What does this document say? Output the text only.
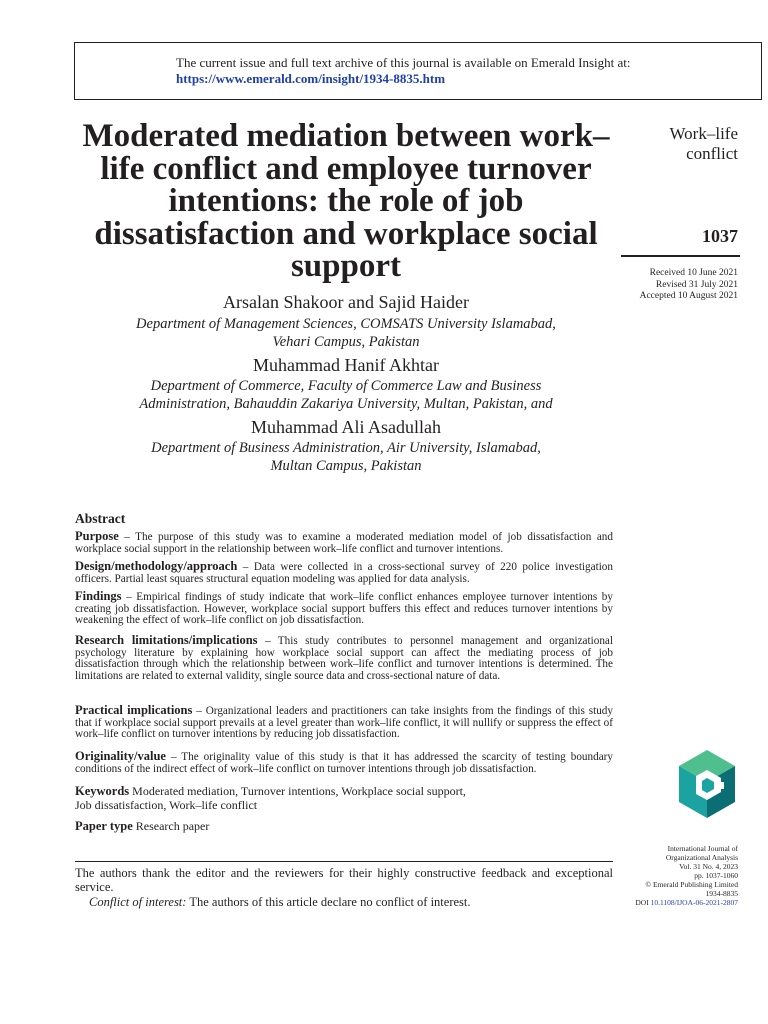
The current issue and full text archive of this journal is available on Emerald Insight at:
https://www.emerald.com/insight/1934-8835.htm
Moderated mediation between work–life conflict and employee turnover intentions: the role of job dissatisfaction and workplace social support
Work–life
conflict
1037
Received 10 June 2021
Revised 31 July 2021
Accepted 10 August 2021
Arsalan Shakoor and Sajid Haider
Department of Management Sciences, COMSATS University Islamabad,
Vehari Campus, Pakistan
Muhammad Hanif Akhtar
Department of Commerce, Faculty of Commerce Law and Business
Administration, Bahauddin Zakariya University, Multan, Pakistan, and
Muhammad Ali Asadullah
Department of Business Administration, Air University, Islamabad,
Multan Campus, Pakistan
Abstract
Purpose – The purpose of this study was to examine a moderated mediation model of job dissatisfaction and workplace social support in the relationship between work–life conflict and turnover intentions.
Design/methodology/approach – Data were collected in a cross-sectional survey of 220 police investigation officers. Partial least squares structural equation modeling was applied for data analysis.
Findings – Empirical findings of study indicate that work–life conflict enhances employee turnover intentions by creating job dissatisfaction. However, workplace social support buffers this effect and reduces turnover intentions by weakening the effect of work–life conflict on job dissatisfaction.
Research limitations/implications – This study contributes to personnel management and organizational psychology literature by explaining how workplace social support can affect the mediating process of job dissatisfaction through which the relationship between work–life conflict and turnover intentions is determined. The limitations are related to external validity, single source data and cross-sectional nature of data.
Practical implications – Organizational leaders and practitioners can take insights from the findings of this study that if workplace social support prevails at a level greater than work–life conflict, it will nullify or suppress the effect of work–life conflict on turnover intentions by reducing job dissatisfaction.
Originality/value – The originality value of this study is that it has addressed the scarcity of testing boundary conditions of the indirect effect of work–life conflict on turnover intentions through job dissatisfaction.
Keywords Moderated mediation, Turnover intentions, Workplace social support,
Job dissatisfaction, Work–life conflict
Paper type Research paper
The authors thank the editor and the reviewers for their highly constructive feedback and exceptional service.
Conflict of interest: The authors of this article declare no conflict of interest.
International Journal of
Organizational Analysis
Vol. 31 No. 4, 2023
pp. 1037-1060
© Emerald Publishing Limited
1934-8835
DOI 10.1108/IJOA-06-2021-2807
